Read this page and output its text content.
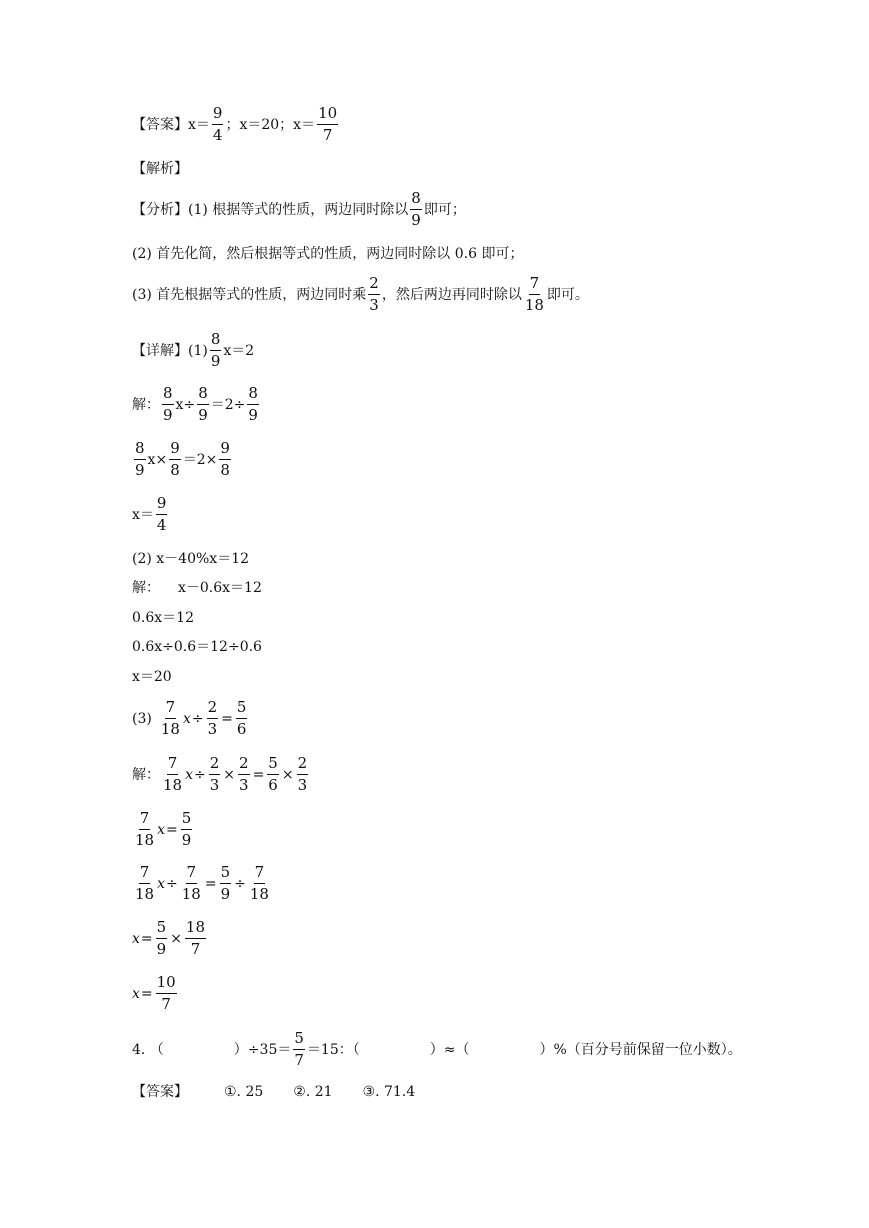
【答案】 $x= \frac{9}{4}$ ； x＝20； $x= \frac{10}{7}$
【解析】
【分析】 (1) 根据等式的性质，两边同时除以 $\frac{8}{9}$ 即可；
(2) 首先化简，然后根据等式的性质，两边同时除以 0.6 即可；
(3) 首先根据等式的性质，两边同时乘 $\frac{2}{3}$ ，然后两边再同时除以 $\frac{7}{18}$ 即可。
【详解】 $(1) \frac{8}{9} x=2$
解： $\frac{8}{9} x\div \frac{8}{9} =2\div \frac{8}{9}$
$\frac{8}{9} x\times \frac{9}{8} =2\times \frac{9}{8}$
$x= \frac{9}{4}$
(2) x－40%x＝12
解： x－0.6x＝12
0.6x＝12
0.6x÷0.6＝12÷0.6
x＝20
$(3) \frac{7}{18}$ $x \div \frac{2}{3} = \frac{5}{6}$
解： $\frac{7}{18}$ $x \div \frac{2}{3} \times \frac{2}{3} = \frac{5}{6} \times \frac{2}{3}$
$\frac{7}{18}$ $x = \frac{5}{9}$
$\frac{7}{18}$ $x \div \frac{7}{18} = \frac{5}{9} \div \frac{7}{18}$
$x = \frac{5}{9} \times \frac{18}{7}$
$x = \frac{10}{7}$
4. （　　　　　）$\div 35= \frac{5}{7} =15$：（　　　　　）≈（　　　　　）%（百分号前保留一位小数）。
【答案】	①. 25 ②. 21 ③. 71.4
